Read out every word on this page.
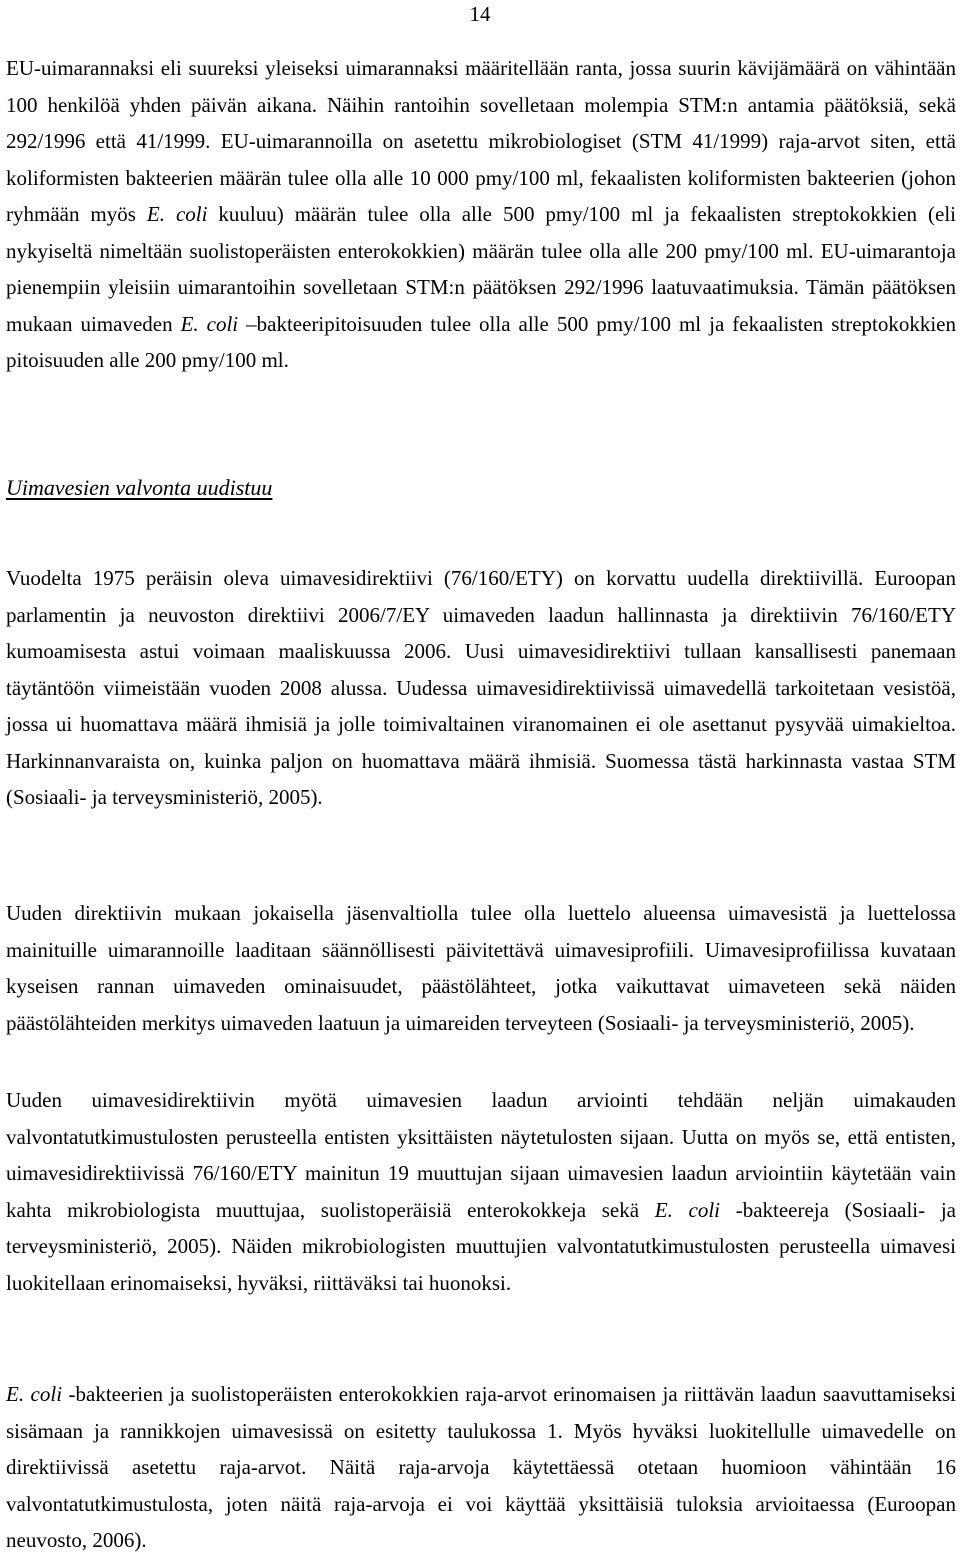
14

EU-uimarannaksi eli suureksi yleiseksi uimarannaksi määritellään ranta, jossa suurin kävijämäärä on vähintään 100 henkilöä yhden päivän aikana. Näihin rantoihin sovelletaan molempia STM:n antamia päätöksiä, sekä 292/1996 että 41/1999. EU-uimarannoilla on asetettu mikrobiologiset (STM 41/1999) raja-arvot siten, että koliformisten bakteerien määrän tulee olla alle 10 000 pmy/100 ml, fekaalisten koliformisten bakteerien (johon ryhmään myös E. coli kuuluu) määrän tulee olla alle 500 pmy/100 ml ja fekaalisten streptokokkien (eli nykyiseltä nimeltään suolistoperäisten enterokokkien) määrän tulee olla alle 200 pmy/100 ml. EU-uimarantoja pienempiin yleisiin uimarantoihin sovelletaan STM:n päätöksen 292/1996 laatuvaatimuksia. Tämän päätöksen mukaan uimaveden E. coli –bakteeripitoisuuden tulee olla alle 500 pmy/100 ml ja fekaalisten streptokokkien pitoisuuden alle 200 pmy/100 ml.

Uimavesien valvonta uudistuu

Vuodelta 1975 peräisin oleva uimavesidirektiivi (76/160/ETY) on korvattu uudella direktiivillä. Euroopan parlamentin ja neuvoston direktiivi 2006/7/EY uimaveden laadun hallinnasta ja direktiivin 76/160/ETY kumoamisesta astui voimaan maaliskuussa 2006. Uusi uimavesidirektiivi tullaan kansallisesti panemaan täytäntöön viimeistään vuoden 2008 alussa. Uudessa uimavesidirektiivissä uimavedellä tarkoitetaan vesistöä, jossa ui huomattava määrä ihmisiä ja jolle toimivaltainen viranomainen ei ole asettanut pysyvää uimakieltoa. Harkinnanvaraista on, kuinka paljon on huomattava määrä ihmisiä. Suomessa tästä harkinnasta vastaa STM (Sosiaali- ja terveysministeriö, 2005).

Uuden direktiivin mukaan jokaisella jäsenvaltiolla tulee olla luettelo alueensa uimavesistä ja luettelossa mainituille uimarannoille laaditaan säännöllisesti päivitettävä uimavesiprofiili. Uimavesiprofiilissa kuvataan kyseisen rannan uimaveden ominaisuudet, päästölähteet, jotka vaikuttavat uimaveteen sekä näiden päästölähteiden merkitys uimaveden laatuun ja uimareiden terveyteen (Sosiaali- ja terveysministeriö, 2005).

Uuden uimavesidirektiivin myötä uimavesien laadun arviointi tehdään neljän uimakauden valvontatutkimustulosten perusteella entisten yksittäisten näytetulosten sijaan. Uutta on myös se, että entisten, uimavesidirektiivissä 76/160/ETY mainitun 19 muuttujan sijaan uimavesien laadun arviointiin käytetään vain kahta mikrobiologista muuttujaa, suolistoperäisiä enterokokkeja sekä E. coli -bakteereja (Sosiaali- ja terveysministeriö, 2005). Näiden mikrobiologisten muuttujien valvontatutkimustulosten perusteella uimavesi luokitellaan erinomaiseksi, hyväksi, riittäväksi tai huonoksi.

E. coli -bakteerien ja suolistoperäisten enterokokkien raja-arvot erinomaisen ja riittävän laadun saavuttamiseksi sisämaan ja rannikkojen uimavesissä on esitetty taulukossa 1. Myös hyväksi luokitellulle uimavedelle on direktiivissä asetettu raja-arvot. Näitä raja-arvoja käytettäessä otetaan huomioon vähintään 16 valvontatutkimustulosta, joten näitä raja-arvoja ei voi käyttää yksittäisiä tuloksia arvioitaessa (Euroopan neuvosto, 2006).
